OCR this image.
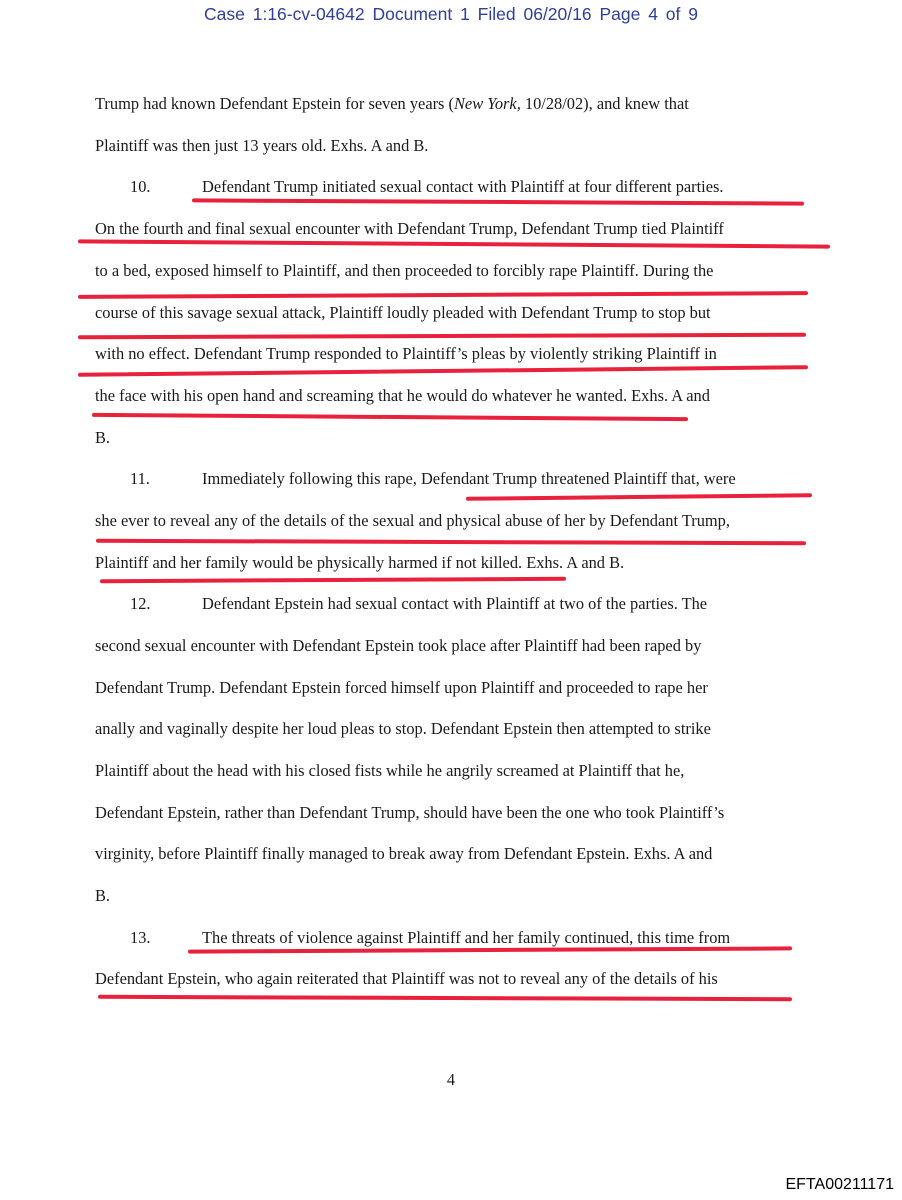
Case 1:16-cv-04642 Document 1 Filed 06/20/16 Page 4 of 9

Trump had known Defendant Epstein for seven years (New York, 10/28/02), and knew that

Plaintiff was then just 13 years old. Exhs. A and B.

10.	Defendant Trump initiated sexual contact with Plaintiff at four different parties.

On the fourth and final sexual encounter with Defendant Trump, Defendant Trump tied Plaintiff

to a bed, exposed himself to Plaintiff, and then proceeded to forcibly rape Plaintiff. During the

course of this savage sexual attack, Plaintiff loudly pleaded with Defendant Trump to stop but

with no effect. Defendant Trump responded to Plaintiff’s pleas by violently striking Plaintiff in

the face with his open hand and screaming that he would do whatever he wanted. Exhs. A and

B.

11.	Immediately following this rape, Defendant Trump threatened Plaintiff that, were

she ever to reveal any of the details of the sexual and physical abuse of her by Defendant Trump,

Plaintiff and her family would be physically harmed if not killed. Exhs. A and B.

12.	Defendant Epstein had sexual contact with Plaintiff at two of the parties. The

second sexual encounter with Defendant Epstein took place after Plaintiff had been raped by

Defendant Trump. Defendant Epstein forced himself upon Plaintiff and proceeded to rape her

anally and vaginally despite her loud pleas to stop. Defendant Epstein then attempted to strike

Plaintiff about the head with his closed fists while he angrily screamed at Plaintiff that he,

Defendant Epstein, rather than Defendant Trump, should have been the one who took Plaintiff’s

virginity, before Plaintiff finally managed to break away from Defendant Epstein. Exhs. A and

B.

13.	The threats of violence against Plaintiff and her family continued, this time from

Defendant Epstein, who again reiterated that Plaintiff was not to reveal any of the details of his

4
EFTA00211171
